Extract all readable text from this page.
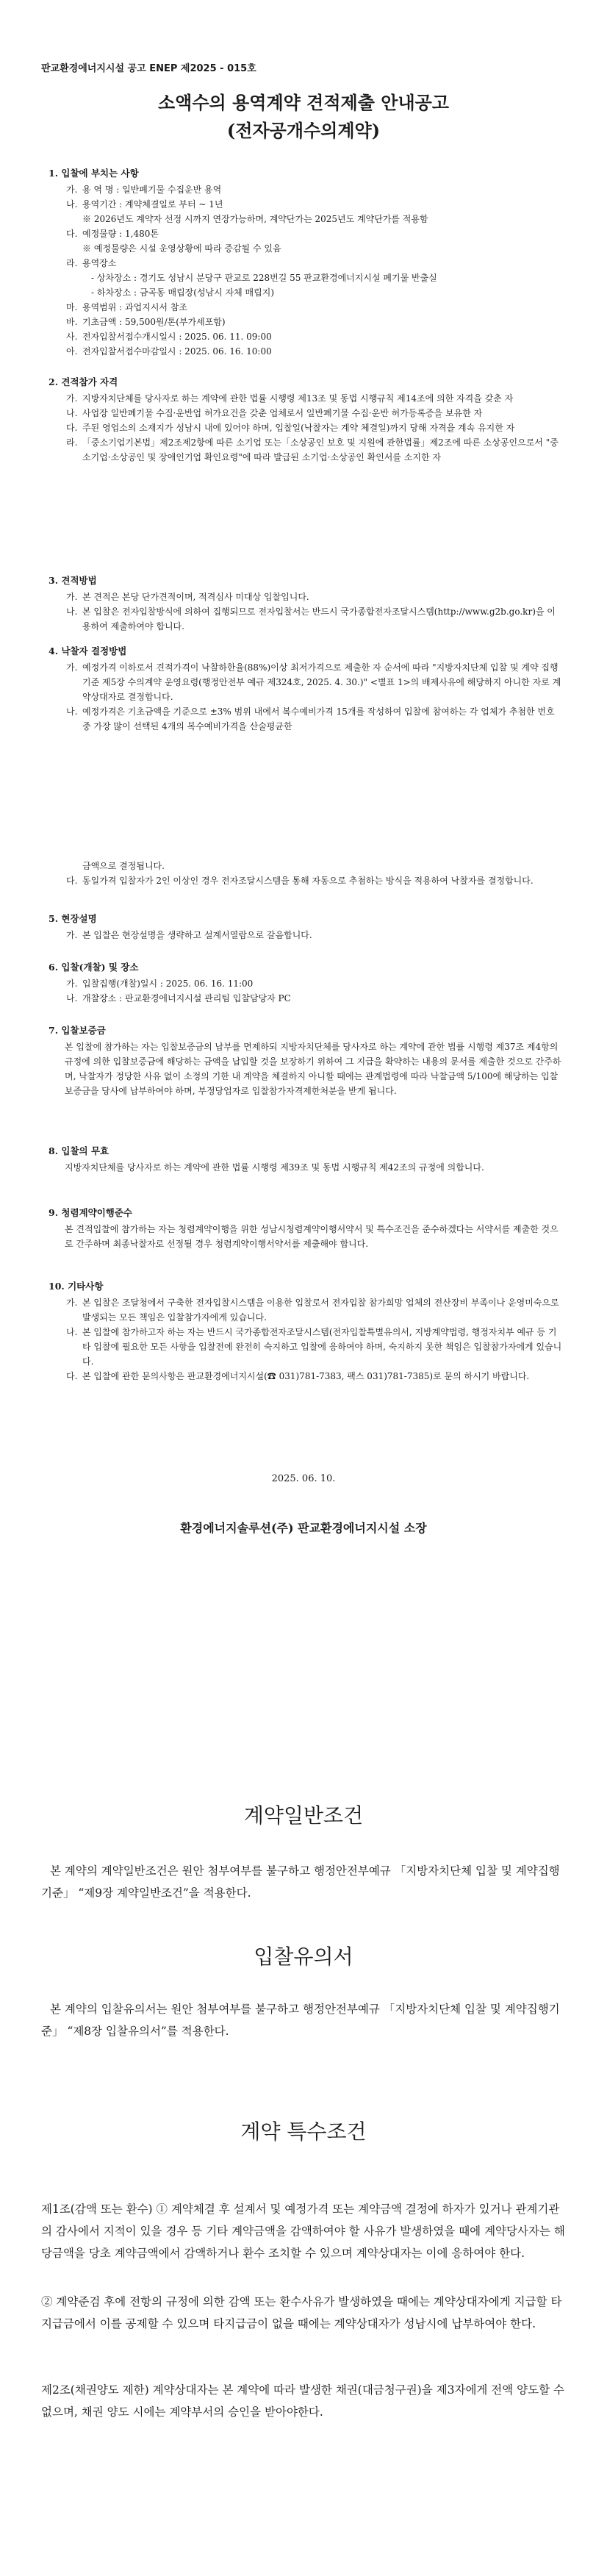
판교환경에너지시설 공고 ENEP 제2025 - 015호
소액수의 용역계약 견적제출 안내공고
(전자공개수의계약)

1. 입찰에 부치는 사항

가. 용 역 명 : 일반폐기물 수집운반 용역

나. 용역기간 : 계약체결일로 부터 ~ 1년

※ 2026년도 계약자 선정 시까지 연장가능하며, 계약단가는 2025년도 계약단가를 적용함

다. 예정물량 : 1,480톤

※ 예정물량은 시설 운영상황에 따라 증감될 수 있음

라. 용역장소

- 상차장소 : 경기도 성남시 분당구 판교로 228번길 55 판교환경에너지시설 폐기물 반출실

- 하차장소 : 금곡동 매립장(성남시 자체 매립지)

마. 용역범위 : 과업지시서 참조

바. 기초금액 : 59,500원/톤(부가세포함)

사. 전자입찰서접수개시일시 : 2025. 06. 11. 09:00

아. 전자입찰서접수마감일시 : 2025. 06. 16. 10:00

2. 견적참가 자격

가. 지방자치단체를 당사자로 하는 계약에 관한 법률 시행령 제13조 및 동법 시행규칙 제14조에 의한 자격을 갖춘 자

나. 사업장 일반폐기물 수집·운반업 허가요건을 갖춘 업체로서 일반폐기물 수집·운반 허가등록증을 보유한 자

다. 주된 영업소의 소재지가 성남시 내에 있어야 하며, 입찰일(낙찰자는 계약 체결일)까지 당해 자격을 계속 유지한 자

라. 「중소기업기본법」제2조제2항에 따른 소기업 또는「소상공인 보호 및 지원에 관한법률」제2조에 따른 소상공인으로서 "중소기업·소상공인 및 장애인기업 확인요령"에 따라 발급된 소기업·소상공인 확인서를 소지한 자

3. 견적방법

가. 본 견적은 본당 단가견적이며, 적격심사 미대상 입찰입니다.

나. 본 입찰은 전자입찰방식에 의하여 집행되므로 전자입찰서는 반드시 국가종합전자조달시스템(http://www.g2b.go.kr)을 이용하여 제출하여야 합니다.

4. 낙찰자 결정방법

가. 예정가격 이하로서 견적가격이 낙찰하한율(88%)이상 최저가격으로 제출한 자 순서에 따라 "지방자치단체 입찰 및 계약 집행기준 제5장 수의계약 운영요령(행정안전부 예규 제324호, 2025. 4. 30.)" <별표 1>의 배제사유에 해당하지 아니한 자로 계약상대자로 결정합니다.

나. 예정가격은 기초금액을 기준으로 ±3% 범위 내에서 복수예비가격 15개를 작성하여 입찰에 참여하는 각 업체가 추첨한 번호 중 가장 많이 선택된 4개의 복수예비가격을 산술평균한

금액으로 결정됩니다.

다. 동일가격 입찰자가 2인 이상인 경우 전자조달시스템을 통해 자동으로 추첨하는 방식을 적용하여 낙찰자를 결정합니다.

5. 현장설명

가. 본 입찰은 현장설명을 생략하고 설계서열람으로 갈음합니다.

6. 입찰(개찰) 및 장소

가. 입찰집행(개찰)일시 : 2025. 06. 16. 11:00

나. 개찰장소 : 판교환경에너지시설 관리팀 입찰담당자 PC

7. 입찰보증금

본 입찰에 참가하는 자는 입찰보증금의 납부를 면제하되 지방자치단체를 당사자로 하는 계약에 관한 법률 시행령 제37조 제4항의 규정에 의한 입찰보증금에 해당하는 금액을 납입할 것을 보장하기 위하여 그 지급을 확약하는 내용의 문서를 제출한 것으로 간주하며, 낙찰자가 정당한 사유 없이 소정의 기한 내 계약을 체결하지 아니할 때에는 관계법령에 따라 낙찰금액 5/100에 해당하는 입찰보증금을 당사에 납부하여야 하며, 부정당업자로 입찰참가자격제한처분을 받게 됩니다.

8. 입찰의 무효

지방자치단체를 당사자로 하는 계약에 관한 법률 시행령 제39조 및 동법 시행규칙 제42조의 규정에 의합니다.

9. 청렴계약이행준수

본 견적입찰에 참가하는 자는 청렴계약이행을 위한 성남시청렴계약이행서약서 및 특수조건을 준수하겠다는 서약서를 제출한 것으로 간주하며 최종낙찰자로 선정될 경우 청렴계약이행서약서를 제출해야 합니다.

10. 기타사항

가. 본 입찰은 조달청에서 구축한 전자입찰시스템을 이용한 입찰로서 전자입찰 참가희망 업체의 전산장비 부족이나 운영미숙으로 발생되는 모든 책임은 입찰참가자에게 있습니다.

나. 본 입찰에 참가하고자 하는 자는 반드시 국가종합전자조달시스템(전자입찰특별유의서, 지방계약법령, 행정자치부 예규 등 기타 입찰에 필요한 모든 사항을 입찰전에 완전히 숙지하고 입찰에 응하여야 하며, 숙지하지 못한 책임은 입찰참가자에게 있습니다.

다. 본 입찰에 관한 문의사항은 판교환경에너지시설(☎ 031)781-7383, 팩스 031)781-7385)로 문의 하시기 바랍니다.

2025. 06. 10.
환경에너지솔루션(주) 판교환경에너지시설 소장
계약일반조건
본 계약의 계약일반조건은 원안 첨부여부를 불구하고 행정안전부예규 「지방자치단체 입찰 및 계약집행기준」 “제9장 계약일반조건”을 적용한다.
입찰유의서
본 계약의 입찰유의서는 원안 첨부여부를 불구하고 행정안전부예규 「지방자치단체 입찰 및 계약집행기준」 “제8장 입찰유의서”를 적용한다.
계약 특수조건
제1조(감액 또는 환수) ① 계약체결 후 설계서 및 예정가격 또는 계약금액 결정에 하자가 있거나 관계기관의 감사에서 지적이 있을 경우 등 기타 계약금액을 감액하여야 할 사유가 발생하였을 때에 계약당사자는 해당금액을 당초 계약금액에서 감액하거나 환수 조치할 수 있으며 계약상대자는 이에 응하여야 한다.
② 계약준검 후에 전항의 규정에 의한 감액 또는 환수사유가 발생하였을 때에는 계약상대자에게 지급할 타지급금에서 이를 공제할 수 있으며 타지급금이 없을 때에는 계약상대자가 성남시에 납부하여야 한다.
제2조(채권양도 제한) 계약상대자는 본 계약에 따라 발생한 채권(대금청구권)을 제3자에게 전액 양도할 수 없으며, 채권 양도 시에는 계약부서의 승인을 받아야한다.
